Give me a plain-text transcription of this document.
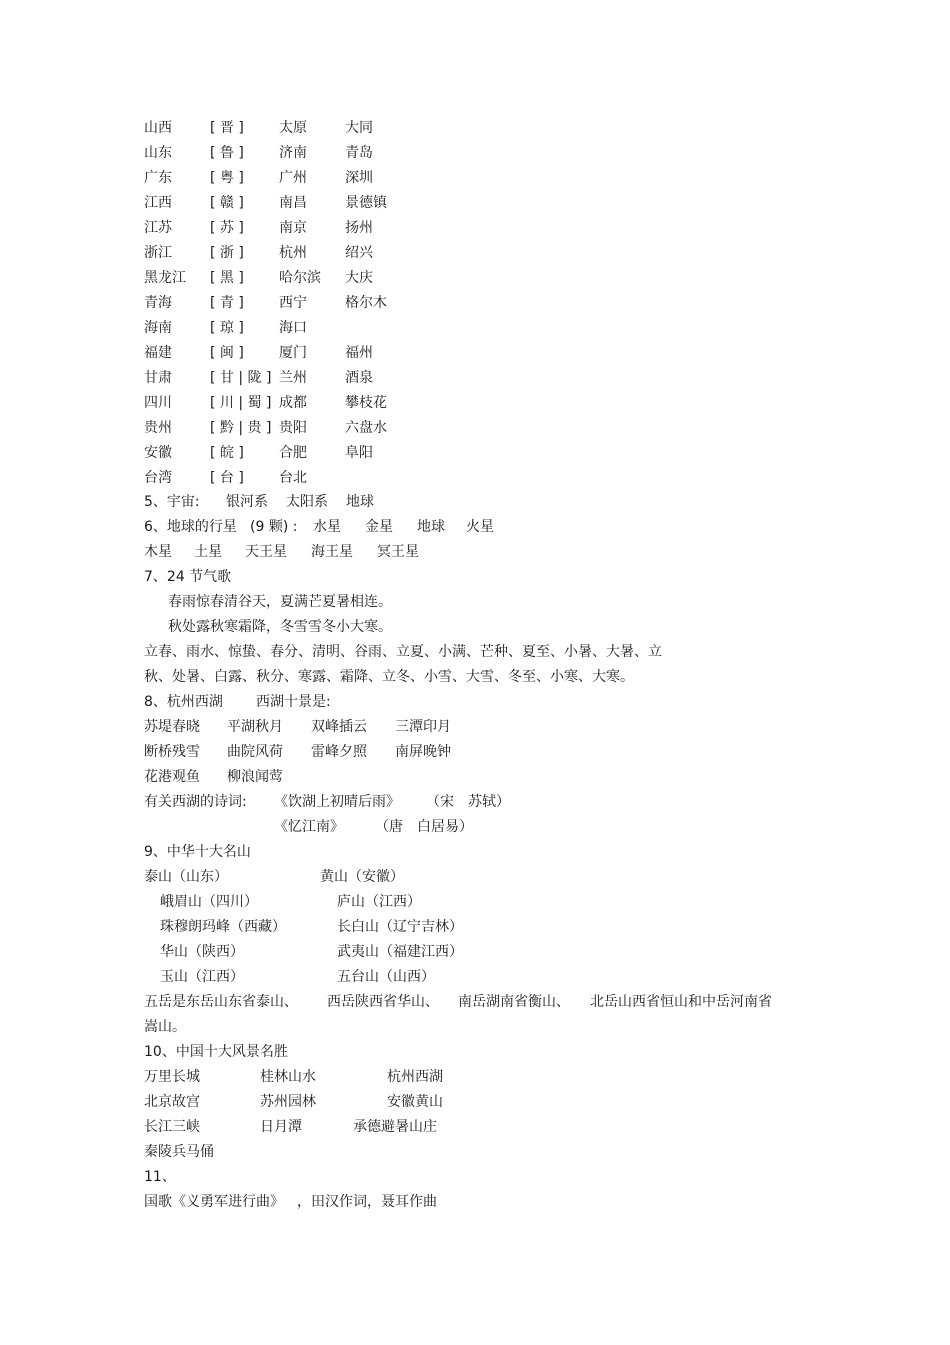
山西	[ 晋 ]	太原	大同
山东	[ 鲁 ]	济南	青岛
广东	[ 粤 ]	广州	深圳
江西	[ 赣 ]	南昌	景德镇
江苏	[ 苏 ]	南京	扬州
浙江	[ 浙 ]	杭州	绍兴
黑龙江 [ 黑 ]	哈尔滨 大庆
青海	[ 青 ]	西宁	格尔木
海南	[ 琼 ]	海口
福建	[ 闽 ]	厦门	福州
甘肃	[ 甘 | 陇 ] 兰州	酒泉
四川	[ 川 | 蜀 ] 成都	攀枝花
贵州	[ 黔 | 贵 ] 贵阳	六盘水
安徽	[ 皖 ]	合肥	阜阳
台湾	[ 台 ]	台北
5、宇宙: 银河系 太阳系 地球
6、地球的行星 (9 颗) : 水星 金星 地球 火星
木星 土星 天王星 海王星 冥王星
7、24 节气歌
春雨惊春清谷天，夏满芒夏暑相连。
秋处露秋寒霜降，冬雪雪冬小大寒。
立春、雨水、惊蛰、春分、清明、谷雨、立夏、小满、芒种、夏至、小暑、大暑、立
秋、处暑、白露、秋分、寒露、霜降、立冬、小雪、大雪、冬至、小寒、大寒。
8、杭州西湖 西湖十景是:
苏堤春晓 平湖秋月 双峰插云 三潭印月
断桥残雪 曲院风荷 雷峰夕照 南屏晚钟
花港观鱼 柳浪闻莺
有关西湖的诗词: 《饮湖上初晴后雨》 （宋　苏轼）
《忆江南》 （唐　白居易）
9、中华十大名山
泰山（山东）	黄山（安徽）
峨眉山（四川）	庐山（江西）
珠穆朗玛峰（西藏）	长白山（辽宁吉林）
华山（陕西）	武夷山（福建江西）
玉山（江西）	五台山（山西）
五岳是东岳山东省泰山、 西岳陕西省华山、 南岳湖南省衡山、 北岳山西省恒山和中岳河南省
嵩山。
10、中国十大风景名胜
万里长城	桂林山水	杭州西湖
北京故宫	苏州园林	安徽黄山
长江三峡	日月潭	承德避暑山庄
秦陵兵马俑
11、
国歌《义勇军进行曲》 ，田汉作词，聂耳作曲
